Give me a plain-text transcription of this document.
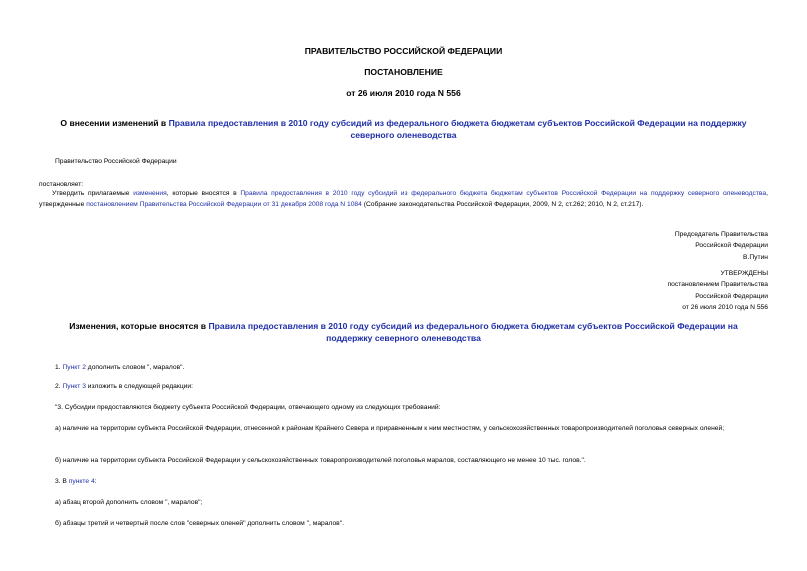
ПРАВИТЕЛЬСТВО РОССИЙСКОЙ ФЕДЕРАЦИИ
ПОСТАНОВЛЕНИЕ
от 26 июля 2010 года N 556
О внесении изменений в Правила предоставления в 2010 году субсидий из федерального бюджета бюджетам субъектов Российской Федерации на поддержку северного оленеводства
Правительство Российской Федерации
постановляет:
Утвердить прилагаемые изменения, которые вносятся в Правила предоставления в 2010 году субсидий из федерального бюджета бюджетам субъектов Российской Федерации на поддержку северного оленеводства, утвержденные постановлением Правительства Российской Федерации от 31 декабря 2008 года N 1084 (Собрание законодательства Российской Федерации, 2009, N 2, ст.262; 2010, N 2, ст.217).
Председатель Правительства
Российской Федерации
В.Путин
УТВЕРЖДЕНЫ
постановлением Правительства
Российской Федерации
от 26 июля 2010 года N 556
Изменения, которые вносятся в Правила предоставления в 2010 году субсидий из федерального бюджета бюджетам субъектов Российской Федерации на поддержку северного оленеводства
1. Пункт 2 дополнить словом ", маралов".
2. Пункт 3 изложить в следующей редакции:
"3. Субсидии предоставляются бюджету субъекта Российской Федерации, отвечающего одному из следующих требований:
а) наличие на территории субъекта Российской Федерации, отнесенной к районам Крайнего Севера и приравненным к ним местностям, у сельскохозяйственных товаропроизводителей поголовья северных оленей;
б) наличие на территории субъекта Российской Федерации у сельскохозяйственных товаропроизводителей поголовья маралов, составляющего не менее 10 тыс. голов.".
3. В пункте 4:
а) абзац второй дополнить словом ", маралов";
б) абзацы третий и четвертый после слов "северных оленей" дополнить словом ", маралов".
